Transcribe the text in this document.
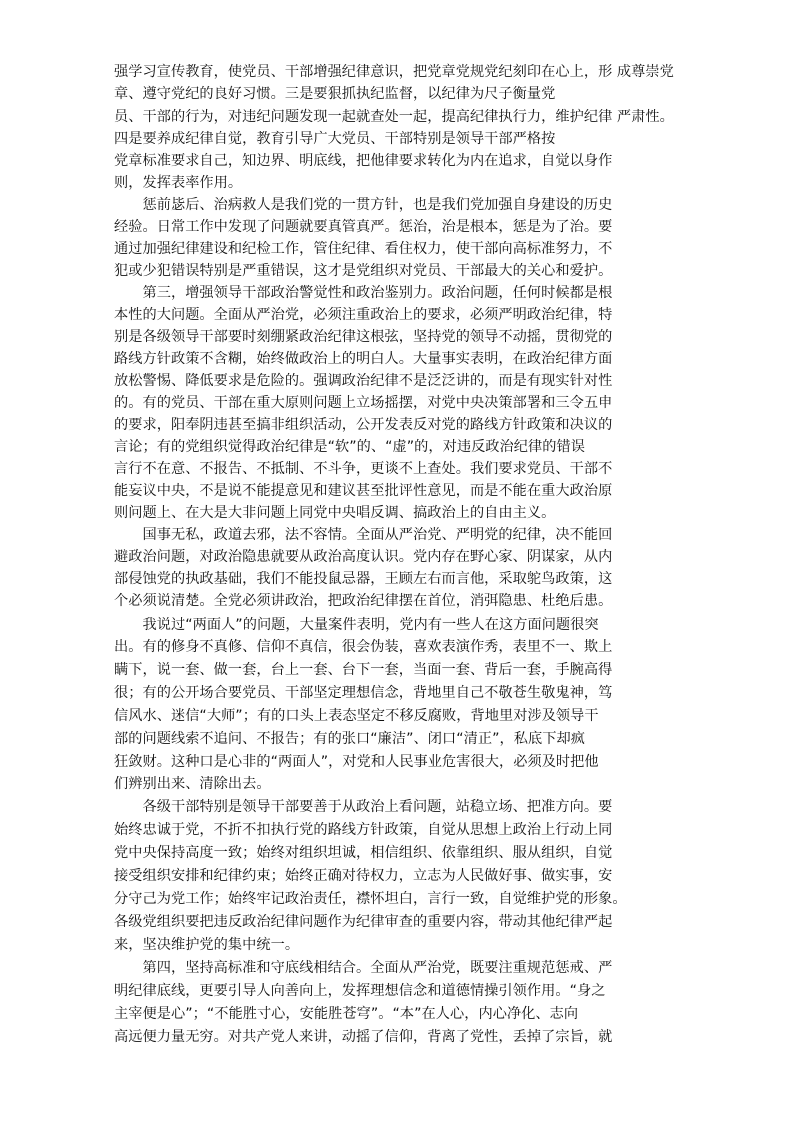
强学习宣传教育，使党员、干部增强纪律意识，把党章党规党纪刻印在心上，形 成尊崇党
章、遵守党纪的良好习惯。三是要狠抓执纪监督，以纪律为尺子衡量党
员、干部的行为，对违纪问题发现一起就查处一起，提高纪律执行力，维护纪律 严肃性。
四是要养成纪律自觉，教育引导广大党员、干部特别是领导干部严格按
党章标准要求自己，知边界、明底线，把他律要求转化为内在追求，自觉以身作
则，发挥表率作用。
　　惩前毖后、治病救人是我们党的一贯方针，也是我们党加强自身建设的历史
经验。日常工作中发现了问题就要真管真严。惩治，治是根本，惩是为了治。要
通过加强纪律建设和纪检工作，管住纪律、看住权力，使干部向高标准努力，不
犯或少犯错误特别是严重错误，这才是党组织对党员、干部最大的关心和爱护。
　　第三，增强领导干部政治警觉性和政治鉴别力。政治问题，任何时候都是根
本性的大问题。全面从严治党，必须注重政治上的要求，必须严明政治纪律，特
别是各级领导干部要时刻绷紧政治纪律这根弦，坚持党的领导不动摇，贯彻党的
路线方针政策不含糊，始终做政治上的明白人。大量事实表明，在政治纪律方面
放松警惕、降低要求是危险的。强调政治纪律不是泛泛讲的，而是有现实针对性
的。有的党员、干部在重大原则问题上立场摇摆，对党中央决策部署和三令五申
的要求，阳奉阴违甚至搞非组织活动，公开发表反对党的路线方针政策和决议的
言论；有的党组织觉得政治纪律是“软”的、“虚”的，对违反政治纪律的错误
言行不在意、不报告、不抵制、不斗争，更谈不上查处。我们要求党员、干部不
能妄议中央，不是说不能提意见和建议甚至批评性意见，而是不能在重大政治原
则问题上、在大是大非问题上同党中央唱反调、搞政治上的自由主义。
　　国事无私，政道去邪，法不容情。全面从严治党、严明党的纪律，决不能回
避政治问题，对政治隐患就要从政治高度认识。党内存在野心家、阴谋家，从内
部侵蚀党的执政基础，我们不能投鼠忌器，王顾左右而言他，采取鸵鸟政策，这
个必须说清楚。全党必须讲政治，把政治纪律摆在首位，消弭隐患、杜绝后患。
　　我说过“两面人”的问题，大量案件表明，党内有一些人在这方面问题很突
出。有的修身不真修、信仰不真信，很会伪装，喜欢表演作秀，表里不一、欺上
瞒下，说一套、做一套，台上一套、台下一套，当面一套、背后一套，手腕高得
很；有的公开场合要党员、干部坚定理想信念，背地里自己不敬苍生敬鬼神，笃
信风水、迷信“大师”；有的口头上表态坚定不移反腐败，背地里对涉及领导干
部的问题线索不追问、不报告；有的张口“廉洁”、闭口“清正”，私底下却疯
狂敛财。这种口是心非的“两面人”，对党和人民事业危害很大，必须及时把他
们辨别出来、清除出去。
　　各级干部特别是领导干部要善于从政治上看问题，站稳立场、把准方向。要
始终忠诚于党，不折不扣执行党的路线方针政策，自觉从思想上政治上行动上同
党中央保持高度一致；始终对组织坦诚，相信组织、依靠组织、服从组织，自觉
接受组织安排和纪律约束；始终正确对待权力，立志为人民做好事、做实事，安
分守己为党工作；始终牢记政治责任，襟怀坦白，言行一致，自觉维护党的形象。
各级党组织要把违反政治纪律问题作为纪律审查的重要内容，带动其他纪律严起
来，坚决维护党的集中统一。
　　第四，坚持高标准和守底线相结合。全面从严治党，既要注重规范惩戒、严
明纪律底线，更要引导人向善向上，发挥理想信念和道德情操引领作用。“身之
主宰便是心”；“不能胜寸心，安能胜苍穹”。“本”在人心，内心净化、志向
高远便力量无穷。对共产党人来讲，动摇了信仰，背离了党性，丢掉了宗旨，就
